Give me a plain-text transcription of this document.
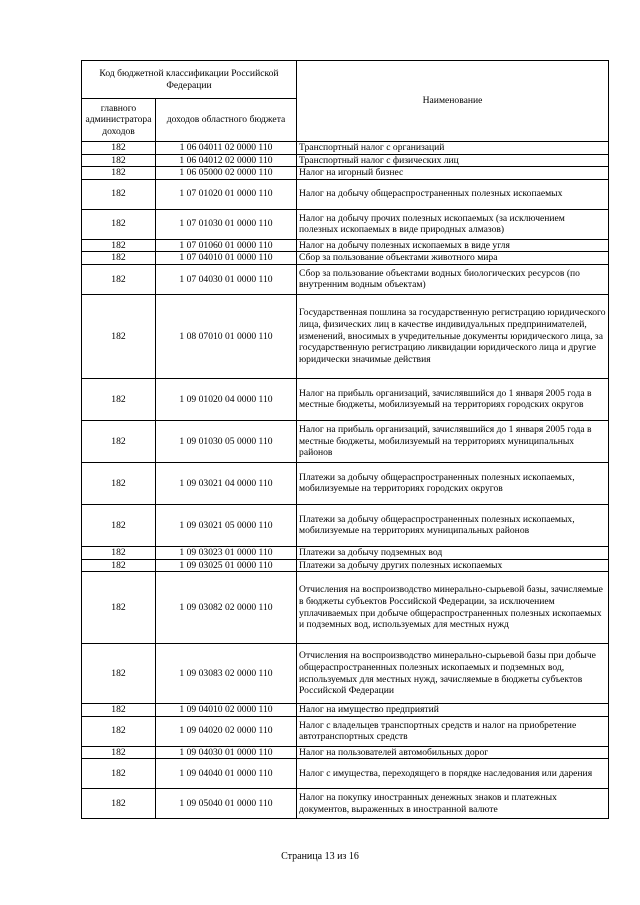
Код бюджетной классификации Российской Федерации		Наименование
главного администратора доходов	доходов областного бюджета	
182	1 06 04011 02 0000 110	Транспортный налог с организаций
182	1 06 04012 02 0000 110	Транспортный налог с физических лиц
182	1 06 05000 02 0000 110	Налог на игорный бизнес
182	1 07 01020 01 0000 110	Налог на добычу общераспространенных полезных ископаемых
182	1 07 01030 01 0000 110	Налог на добычу прочих полезных ископаемых (за исключением полезных ископаемых в виде природных алмазов)
182	1 07 01060 01 0000 110	Налог на добычу полезных ископаемых в виде угля
182	1 07 04010 01 0000 110	Сбор за пользование объектами животного мира
182	1 07 04030 01 0000 110	Сбор за пользование объектами водных биологических ресурсов (по внутренним водным объектам)
182	1 08 07010 01 0000 110	Государственная пошлина за государственную регистрацию юридического лица, физических лиц в качестве индивидуальных предпринимателей, изменений, вносимых в учредительные документы юридического лица, за государственную регистрацию ликвидации юридического лица и другие юридически значимые действия
182	1 09 01020 04 0000 110	Налог на прибыль организаций, зачислявшийся до 1 января 2005 года в местные бюджеты, мобилизуемый на территориях городских округов
182	1 09 01030 05 0000 110	Налог на прибыль организаций, зачислявшийся до 1 января 2005 года в местные бюджеты, мобилизуемый на территориях муниципальных районов
182	1 09 03021 04 0000 110	Платежи за добычу общераспространенных полезных ископаемых, мобилизуемые на территориях городских округов
182	1 09 03021 05 0000 110	Платежи за добычу общераспространенных полезных ископаемых, мобилизуемые на территориях муниципальных районов
182	1 09 03023 01 0000 110	Платежи за добычу подземных вод
182	1 09 03025 01 0000 110	Платежи за добычу других полезных ископаемых
182	1 09 03082 02 0000 110	Отчисления на воспроизводство минерально-сырьевой базы, зачисляемые в бюджеты субъектов Российской Федерации, за исключением уплачиваемых при добыче общераспространенных полезных ископаемых и подземных вод, используемых для местных нужд
182	1 09 03083 02 0000 110	Отчисления на воспроизводство минерально-сырьевой базы при добыче общераспространенных полезных ископаемых и подземных вод, используемых для местных нужд, зачисляемые в бюджеты субъектов Российской Федерации
182	1 09 04010 02 0000 110	Налог на имущество предприятий
182	1 09 04020 02 0000 110	Налог с владельцев транспортных средств и налог на приобретение автотранспортных средств
182	1 09 04030 01 0000 110	Налог на пользователей автомобильных дорог
182	1 09 04040 01 0000 110	Налог с имущества, переходящего в порядке наследования или дарения
182	1 09 05040 01 0000 110	Налог на покупку иностранных денежных знаков и платежных документов, выраженных в иностранной валюте
Страница 13 из 16
